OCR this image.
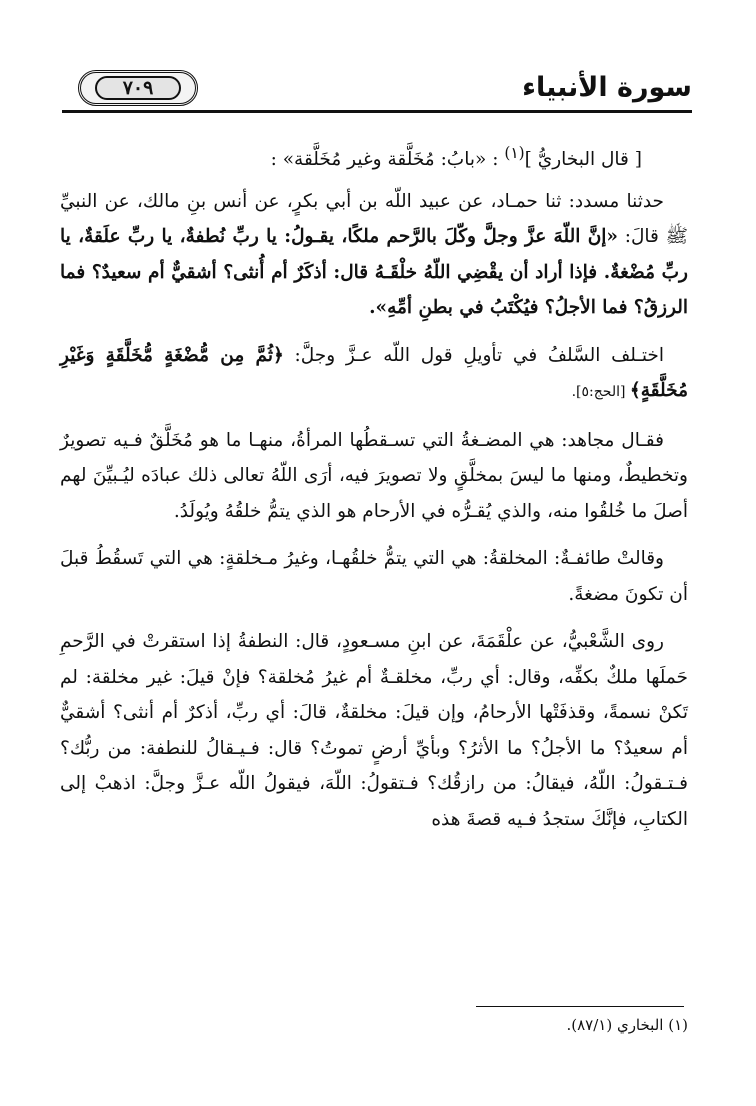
سورة الأنبياء
٧٠٩

[ قال البخاريُّ ]$^{(١)}$ : «بابُ: مُخَلَّقة وغير مُخَلَّقة» :

حدثنا مسدد: ثنا حمـاد، عن عبيد اللّه بن أبي بكرٍ، عن أنس بنِ مالك، عن النبيِّ ﷺ قالَ: «إنَّ اللّهَ عزَّ وجلَّ وكّلَ بالرَّحم ملكًا، يقـولُ: يا ربِّ نُطفةٌ، يا ربِّ علَقةٌ، يا ربِّ مُضْغةٌ. فإذا أراد أن يقْضِي اللّهُ خلْقَـهُ قال: أذكَرٌ أم أُنثى؟ أشقيٌّ أم سعيدٌ؟ فما الرزقُ؟ فما الأجلُ؟ فيُكْتَبُ في بطنِ أمِّهِ».

اختـلف السَّلفُ في تأويلِ قول اللّه عـزَّ وجلَّ: ﴿ثُمَّ مِن مُّضْغَةٍ مُّخَلَّقَةٍ وَغَيْرِ مُخَلَّقَةٍ﴾ [الحج:٥].

فقـال مجاهد: هي المضـغةُ التي تسـقطُها المرأةُ، منهـا ما هو مُخَلَّقٌ فـيه تصويرٌ وتخطيطٌ، ومنها ما ليسَ بمخلَّقٍ ولا تصويرَ فيه، أرَى اللّهُ تعالى ذلك عبادَه ليُـبيِّنَ لهم أصلَ ما خُلقُوا منه، والذي يُقـرُّه في الأرحام هو الذي يتمُّ خلقُهُ ويُولَدُ.

وقالتْ طائفـةٌ: المخلقةُ: هي التي يتمُّ خلقُهـا، وغيرُ مـخلقةٍ: هي التي تَسقُطُ قبلَ أن تكونَ مضغةً.

روى الشَّعْبيُّ، عن علْقَمَةَ، عن ابنِ مسـعودٍ، قال: النطفةُ إذا استقرتْ في الرَّحمِ حَملَها ملكٌ بكفِّه، وقال: أي ربِّ، مخلقـةٌ أم غيرُ مُخلقة؟ فإنْ قيلَ: غير مخلقة: لم تَكنْ نسمةً، وقذفَتْها الأرحامُ، وإن قيلَ: مخلقةٌ، قالَ: أي ربِّ، أذكرٌ أم أنثى؟ أشقيٌّ أم سعيدٌ؟ ما الأجلُ؟ ما الأثرُ؟ وبأيِّ أرضٍ تموتُ؟ قال: فـيـقالُ للنطفة: من ربُّك؟ فـتـقولُ: اللّهُ، فيقالُ: من رازقُك؟ فـتقولُ: اللّهَ، فيقولُ اللّه عـزَّ وجلَّ: اذهبْ إلى الكتابِ، فإنَّكَ ستجدُ فـيه قصةَ هذه

(١) البخاري (٨٧/١).
